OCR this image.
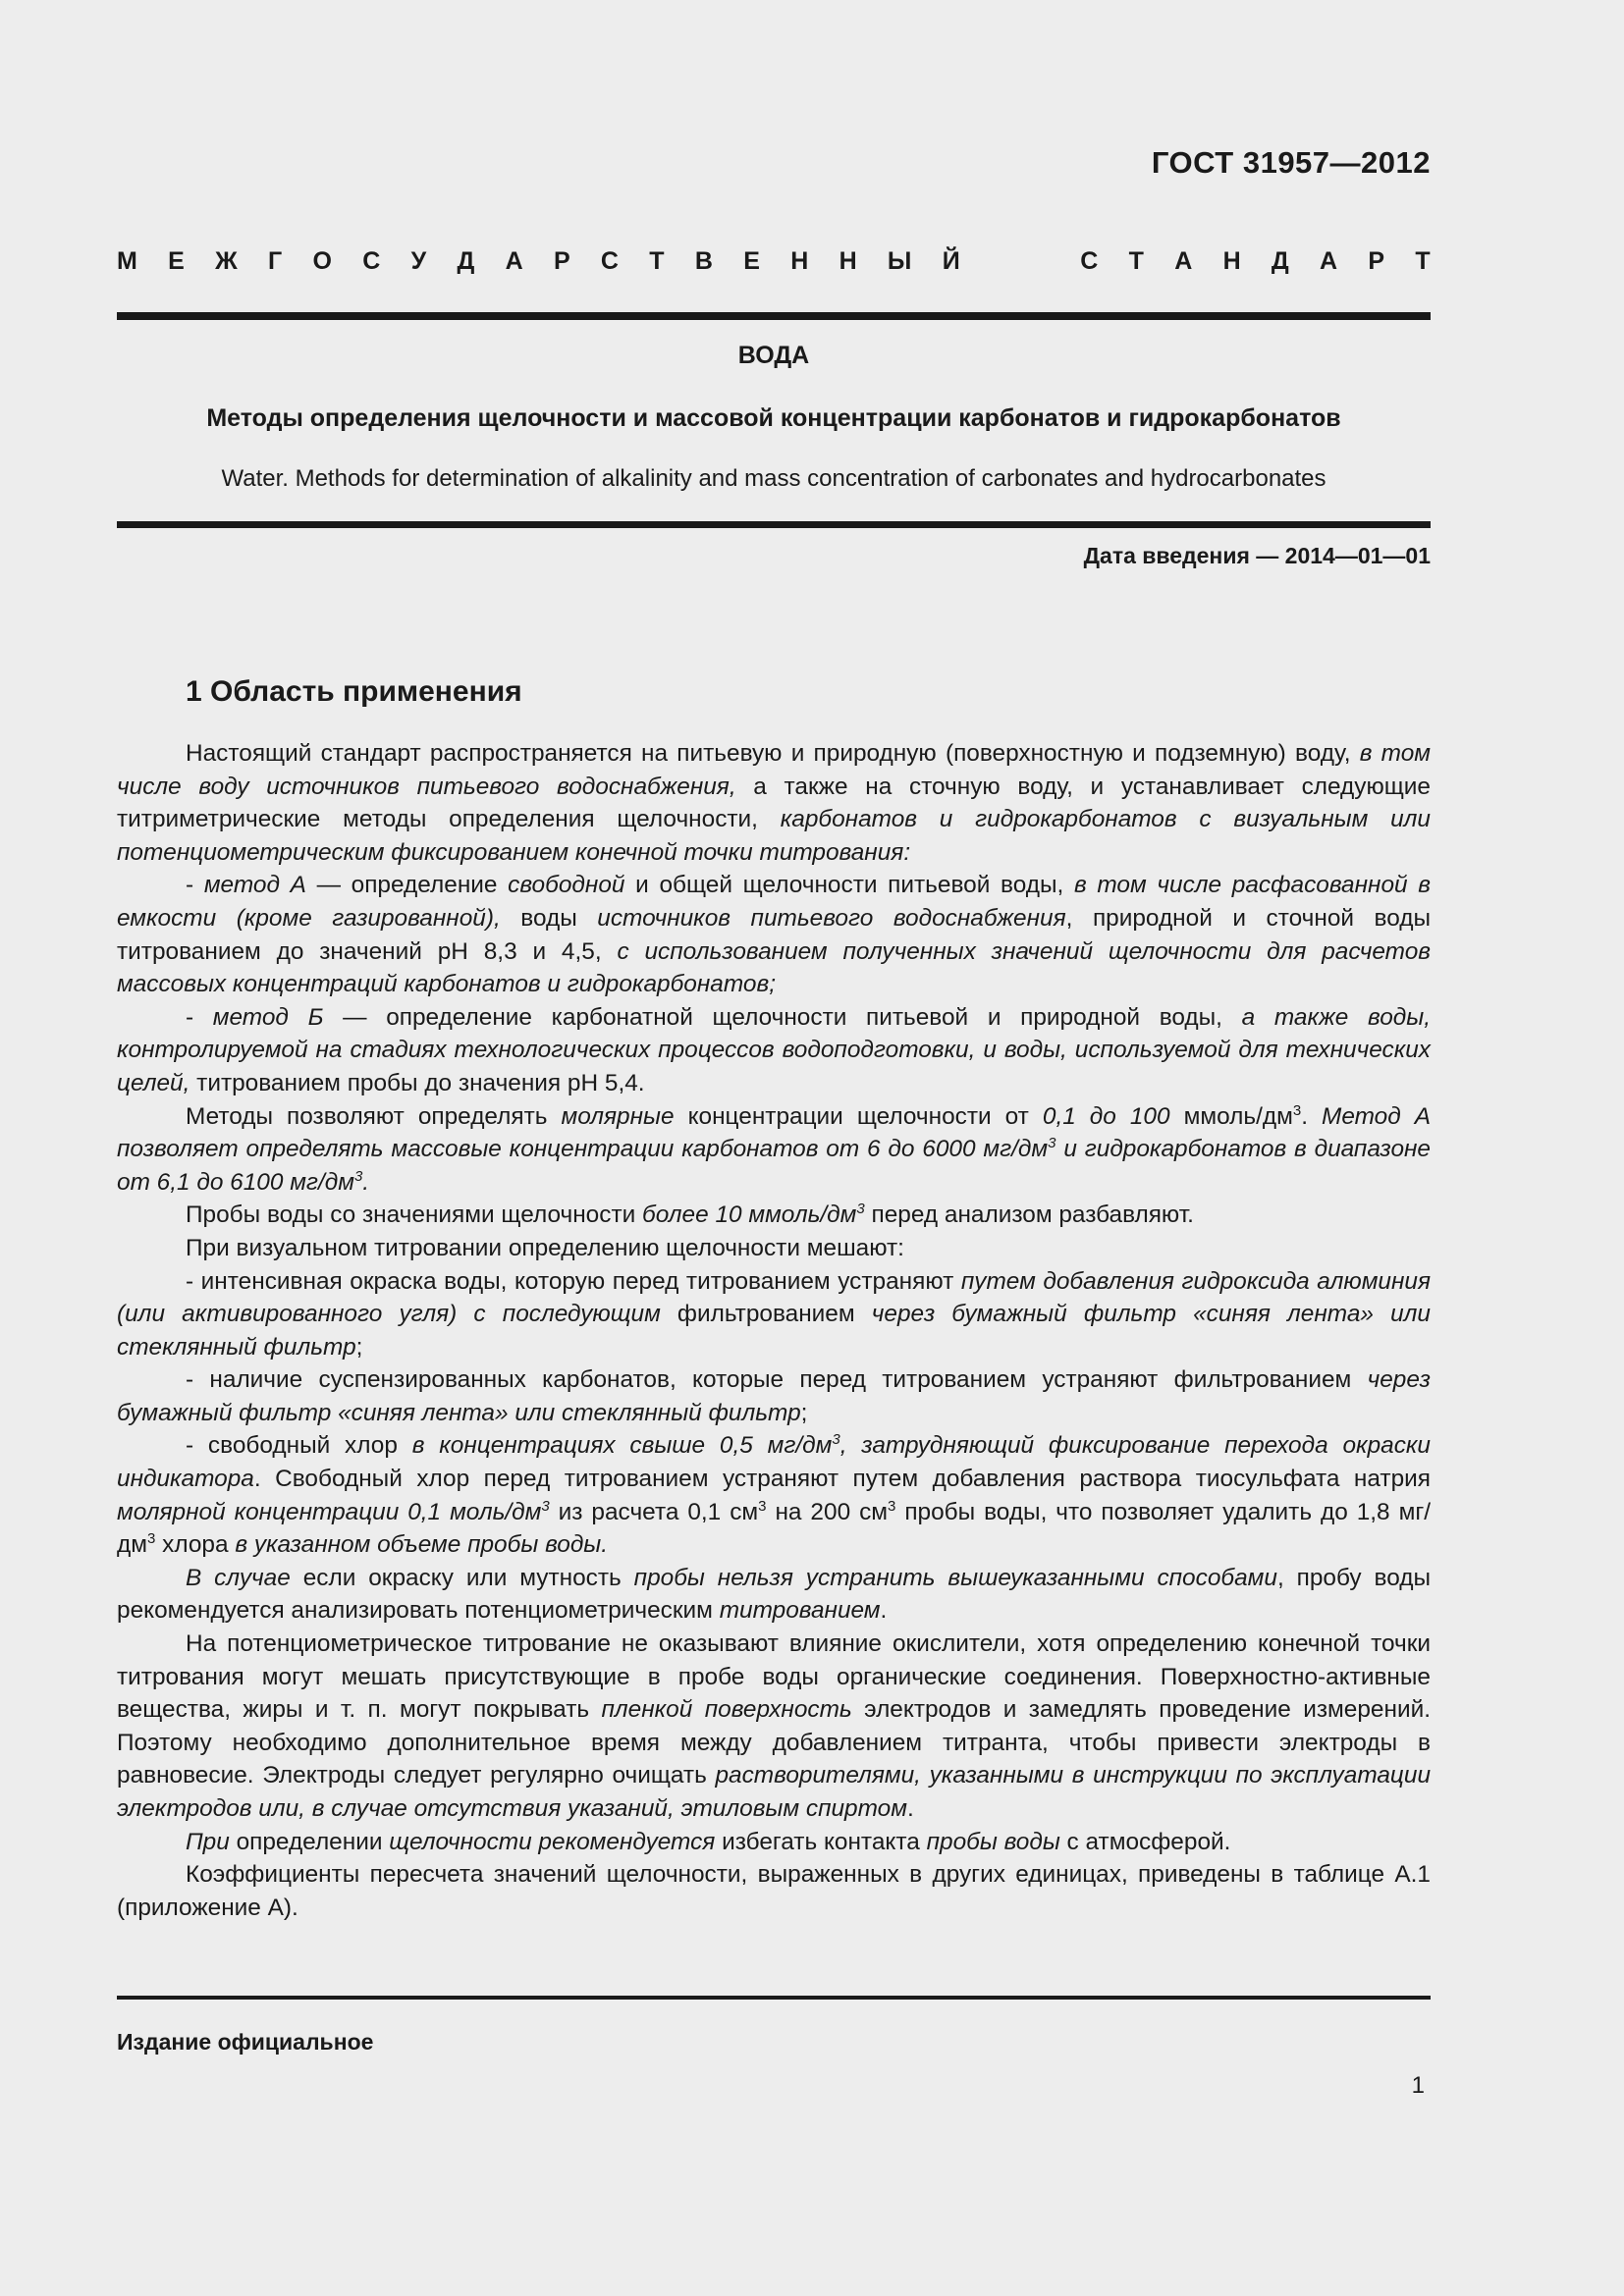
ГОСТ 31957—2012
М Е Ж Г О С У Д А Р С Т В Е Н Н Ы Й	С Т А Н Д А Р Т
ВОДА
Методы определения щелочности и массовой концентрации карбонатов и гидрокарбонатов
Water. Methods for determination of alkalinity and mass concentration of carbonates and hydrocarbonates
Дата введения — 2014—01—01
1 Область применения

Настоящий стандарт распространяется на питьевую и природную (поверхностную и подземную) воду, в том числе воду источников питьевого водоснабжения, а также на сточную воду, и устанавливает следующие титриметрические методы определения щелочности, карбонатов и гидрокарбонатов с визуальным или потенциометрическим фиксированием конечной точки титрования:

- метод А — определение свободной и общей щелочности питьевой воды, в том числе расфасованной в емкости (кроме газированной), воды источников питьевого водоснабжения, природной и сточной воды титрованием до значений pH 8,3 и 4,5, с использованием полученных значений щелочности для расчетов массовых концентраций карбонатов и гидрокарбонатов;

- метод Б — определение карбонатной щелочности питьевой и природной воды, а также воды, контролируемой на стадиях технологических процессов водоподготовки, и воды, используемой для технических целей, титрованием пробы до значения pH 5,4.

Методы позволяют определять молярные концентрации щелочности от 0,1 до 100 ммоль/$дм^3$. Метод А позволяет определять массовые концентрации карбонатов от 6 до 6000 $мг/дм^3$ и гидрокарбонатов в диапазоне от 6,1 до 6100 $мг/дм^3$.

Пробы воды со значениями щелочности более 10 ммоль/$дм^3$ перед анализом разбавляют.

При визуальном титровании определению щелочности мешают:

- интенсивная окраска воды, которую перед титрованием устраняют путем добавления гидроксида алюминия (или активированного угля) с последующим фильтрованием через бумажный фильтр «синяя лента» или стеклянный фильтр;

- наличие суспензированных карбонатов, которые перед титрованием устраняют фильтрованием через бумажный фильтр «синяя лента» или стеклянный фильтр;

- свободный хлор в концентрациях свыше 0,5 $мг/дм^3$, затрудняющий фиксирование перехода окраски индикатора. Свободный хлор перед титрованием устраняют путем добавления раствора тиосульфата натрия молярной концентрации 0,1 моль/$дм^3$ из расчета 0,1 $см^3$ на 200 $см^3$ пробы воды, что позволяет удалить до 1,8 $мг/дм^3$ хлора в указанном объеме пробы воды.

В случае если окраску или мутность пробы нельзя устранить вышеуказанными способами, пробу воды рекомендуется анализировать потенциометрическим титрованием.

На потенциометрическое титрование не оказывают влияние окислители, хотя определению конечной точки титрования могут мешать присутствующие в пробе воды органические соединения. Поверхностно-активные вещества, жиры и т. п. могут покрывать пленкой поверхность электродов и замедлять проведение измерений. Поэтому необходимо дополнительное время между добавлением титранта, чтобы привести электроды в равновесие. Электроды следует регулярно очищать растворителями, указанными в инструкции по эксплуатации электродов или, в случае отсутствия указаний, этиловым спиртом.

При определении щелочности рекомендуется избегать контакта пробы воды с атмосферой.

Коэффициенты пересчета значений щелочности, выраженных в других единицах, приведены в таблице А.1 (приложение А).

Издание официальное
1
